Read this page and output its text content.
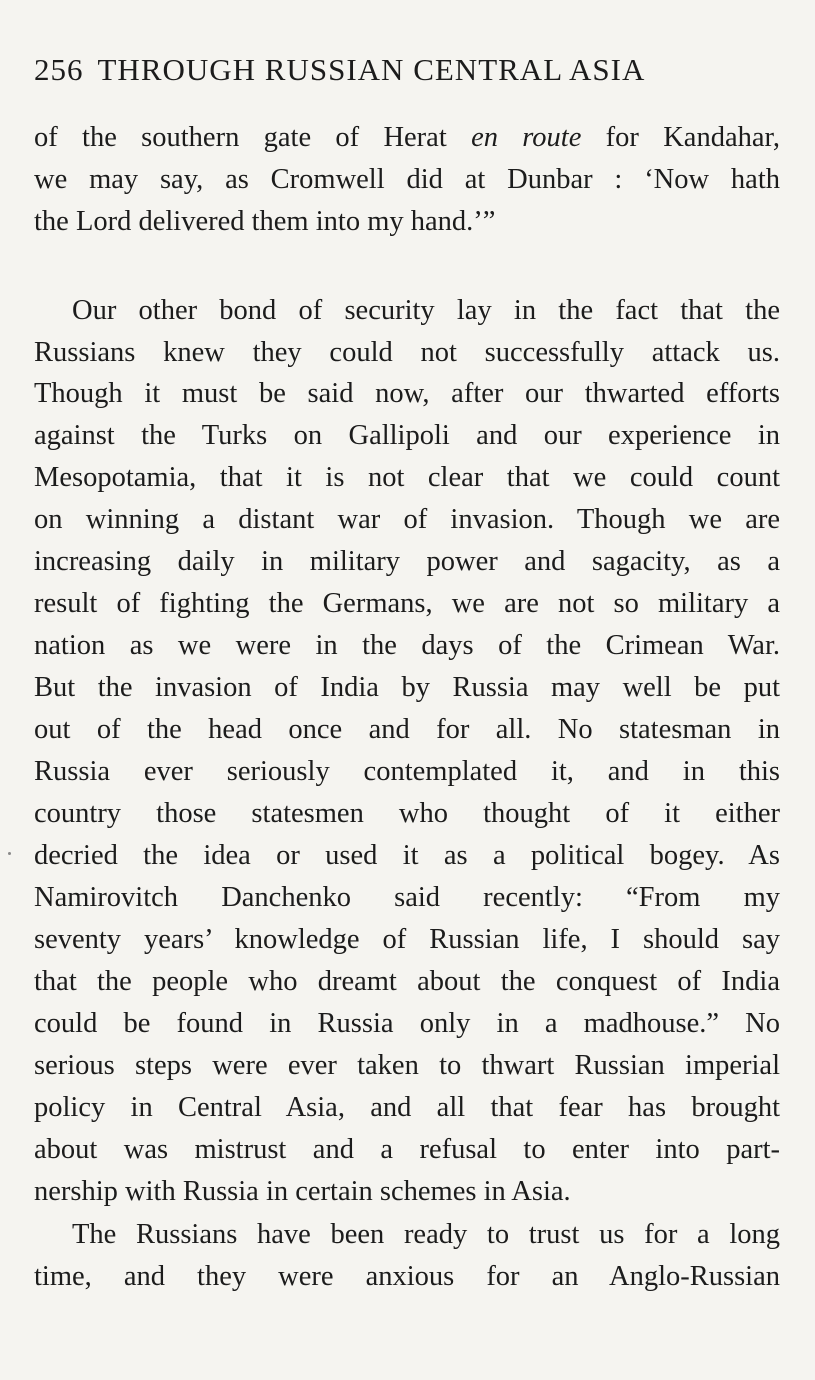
256 THROUGH RUSSIAN CENTRAL ASIA
of the southern gate of Herat en route for Kandahar,
we may say, as Cromwell did at Dunbar : ‘Now hath
the Lord delivered them into my hand.’”
Our other bond of security lay in the fact that the
Russians knew they could not successfully attack us.
Though it must be said now, after our thwarted efforts
against the Turks on Gallipoli and our experience in
Mesopotamia, that it is not clear that we could count
on winning a distant war of invasion. Though we are
increasing daily in military power and sagacity, as a
result of fighting the Germans, we are not so military a
nation as we were in the days of the Crimean War.
But the invasion of India by Russia may well be put
out of the head once and for all. No statesman in
Russia ever seriously contemplated it, and in this
country those statesmen who thought of it either
decried the idea or used it as a political bogey. As
Namirovitch Danchenko said recently: “From my
seventy years’ knowledge of Russian life, I should say
that the people who dreamt about the conquest of India
could be found in Russia only in a madhouse.” No
serious steps were ever taken to thwart Russian imperial
policy in Central Asia, and all that fear has brought
about was mistrust and a refusal to enter into part-
nership with Russia in certain schemes in Asia.
The Russians have been ready to trust us for a long
time, and they were anxious for an Anglo-Russian
